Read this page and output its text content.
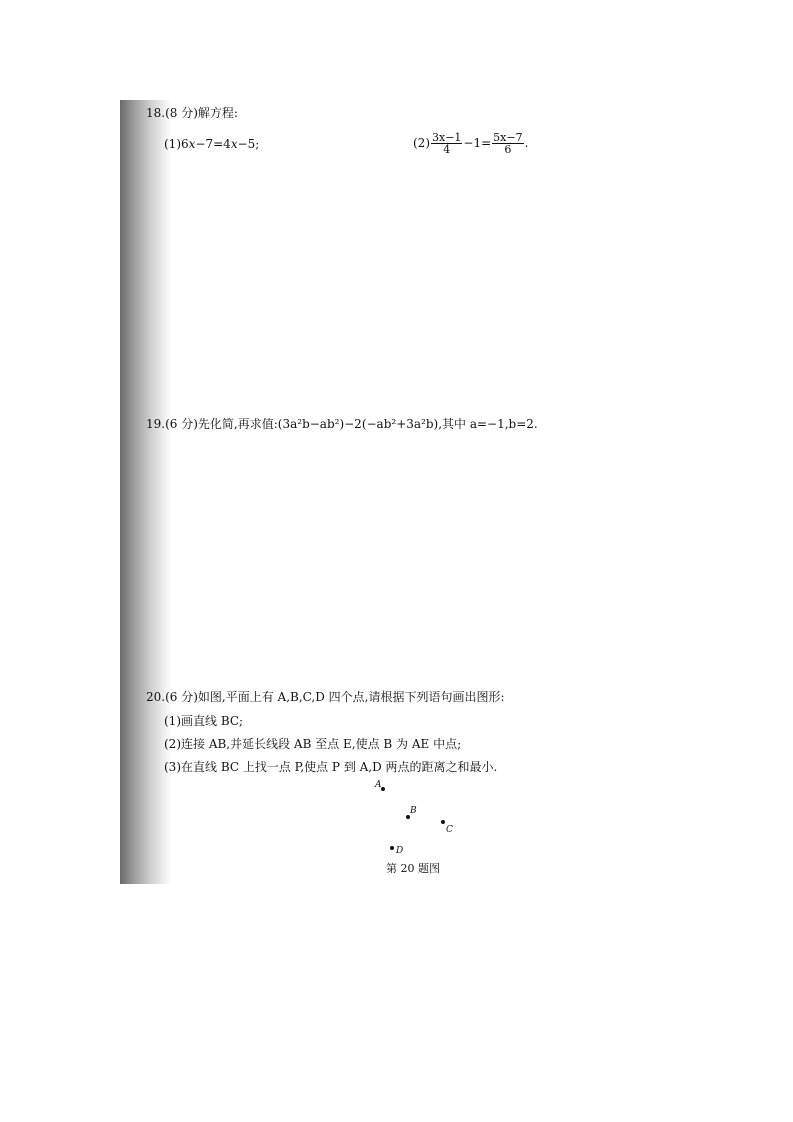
18.(8 分)解方程:
(1)6x−7=4x−5;	$(2) \frac{3x-1}{4} -1= \frac{5x-7}{6}$ .
19.(6 分)先化简,再求值:(3a²b−ab²)−2(−ab²+3a²b),其中 a=−1,b=2.
20.(6 分)如图,平面上有 A,B,C,D 四个点,请根据下列语句画出图形:
(1)画直线 BC;
(2)连接 AB,并延长线段 AB 至点 E,使点 B 为 AE 中点;
(3)在直线 BC 上找一点 P,使点 P 到 A,D 两点的距离之和最小.
A
B
C
D
第 20 题图
